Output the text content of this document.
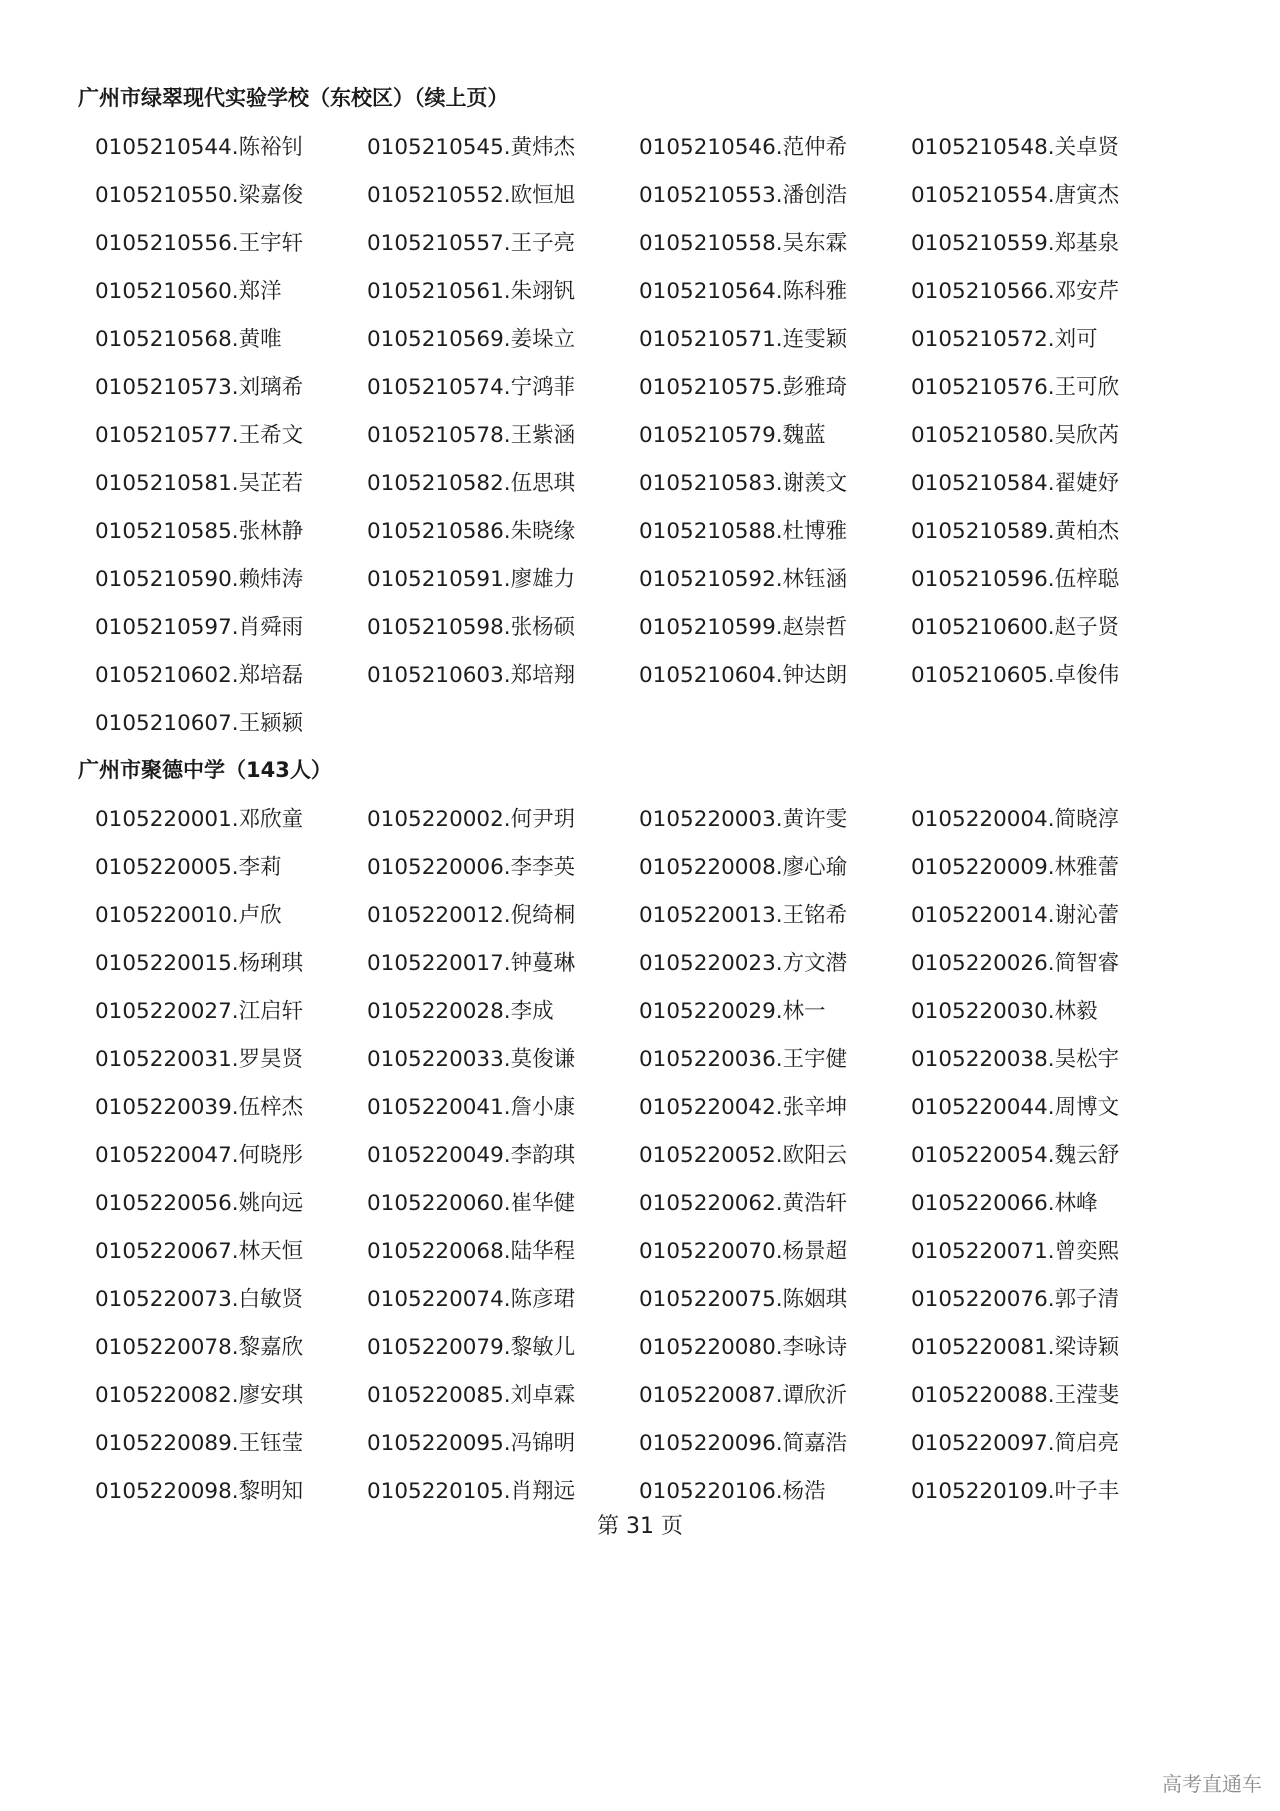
广州市绿翠现代实验学校（东校区）（续上页）
0105210544.陈裕钊	0105210545.黄炜杰	0105210546.范仲希	0105210548.关卓贤
0105210550.梁嘉俊	0105210552.欧恒旭	0105210553.潘创浩	0105210554.唐寅杰
0105210556.王宇轩	0105210557.王子亮	0105210558.吴东霖	0105210559.郑基泉
0105210560.郑洋	0105210561.朱翊钒	0105210564.陈科雅	0105210566.邓安芹
0105210568.黄唯	0105210569.姜垛立	0105210571.连雯颖	0105210572.刘可
0105210573.刘璃希	0105210574.宁鸿菲	0105210575.彭雅琦	0105210576.王可欣
0105210577.王希文	0105210578.王紫涵	0105210579.魏蓝	0105210580.吴欣芮
0105210581.吴芷若	0105210582.伍思琪	0105210583.谢羡文	0105210584.翟婕妤
0105210585.张林静	0105210586.朱晓缘	0105210588.杜博雅	0105210589.黄柏杰
0105210590.赖炜涛	0105210591.廖雄力	0105210592.林钰涵	0105210596.伍梓聪
0105210597.肖舜雨	0105210598.张杨硕	0105210599.赵崇哲	0105210600.赵子贤
0105210602.郑培磊	0105210603.郑培翔	0105210604.钟达朗	0105210605.卓俊伟
0105210607.王颍颍
广州市聚德中学（143人）
0105220001.邓欣童	0105220002.何尹玥	0105220003.黄许雯	0105220004.简晓淳
0105220005.李莉	0105220006.李李英	0105220008.廖心瑜	0105220009.林雅蕾
0105220010.卢欣	0105220012.倪绮桐	0105220013.王铭希	0105220014.谢沁蕾
0105220015.杨琍琪	0105220017.钟蔓琳	0105220023.方文潜	0105220026.简智睿
0105220027.江启轩	0105220028.李成	0105220029.林一	0105220030.林毅
0105220031.罗昊贤	0105220033.莫俊谦	0105220036.王宇健	0105220038.吴松宇
0105220039.伍梓杰	0105220041.詹小康	0105220042.张辛坤	0105220044.周博文
0105220047.何晓彤	0105220049.李韵琪	0105220052.欧阳云	0105220054.魏云舒
0105220056.姚向远	0105220060.崔华健	0105220062.黄浩轩	0105220066.林峰
0105220067.林天恒	0105220068.陆华程	0105220070.杨景超	0105220071.曾奕熙
0105220073.白敏贤	0105220074.陈彦珺	0105220075.陈姻琪	0105220076.郭子清
0105220078.黎嘉欣	0105220079.黎敏儿	0105220080.李咏诗	0105220081.梁诗颖
0105220082.廖安琪	0105220085.刘卓霖	0105220087.谭欣沂	0105220088.王滢斐
0105220089.王钰莹	0105220095.冯锦明	0105220096.简嘉浩	0105220097.简启亮
0105220098.黎明知	0105220105.肖翔远	0105220106.杨浩	0105220109.叶子丰
第 31 页
高考直通车
